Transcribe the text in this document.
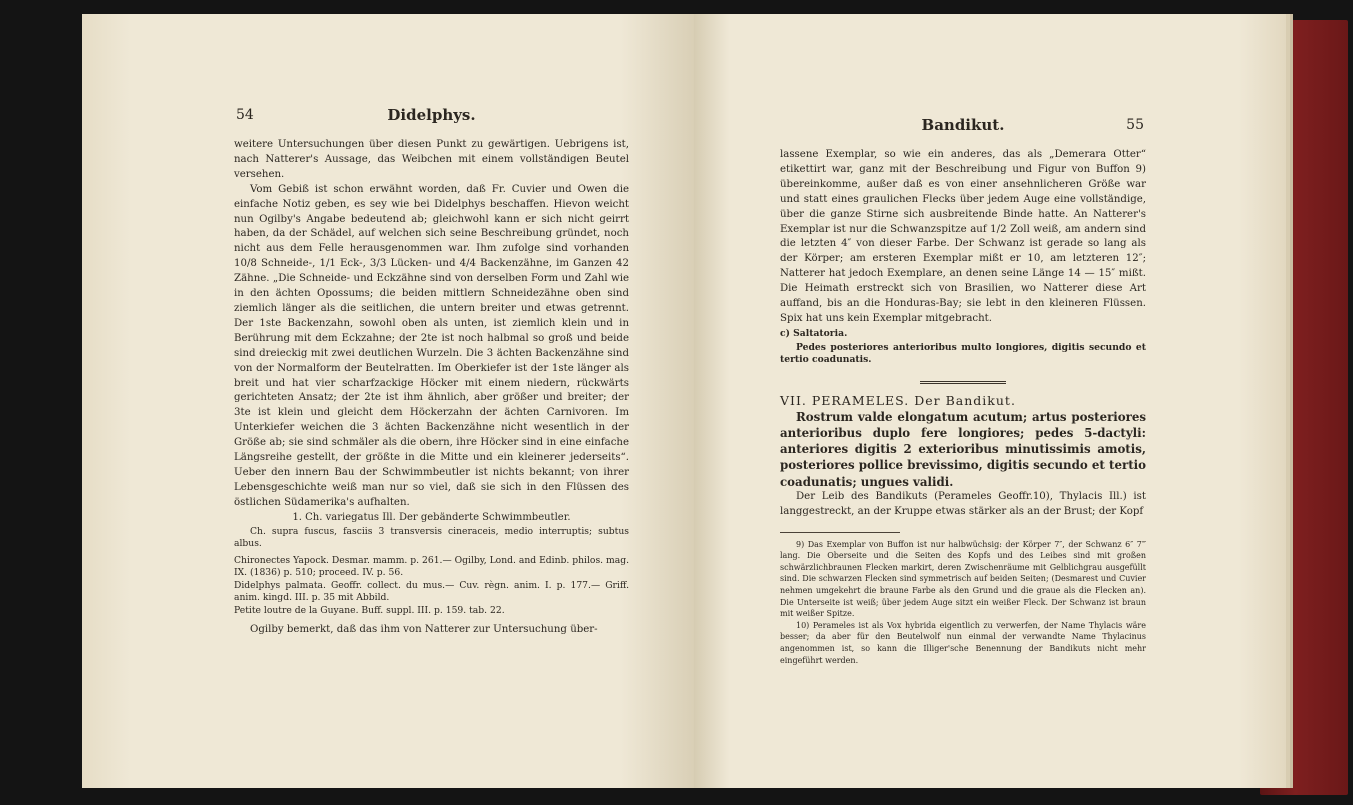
54	Didelphys.

weitere Untersuchungen über diesen Punkt zu gewärtigen. Uebrigens ist, nach Natterer's Aussage, das Weibchen mit einem vollständigen Beutel versehen.

Vom Gebiß ist schon erwähnt worden, daß Fr. Cuvier und Owen die einfache Notiz geben, es sey wie bei Didelphys beschaffen. Hievon weicht nun Ogilby's Angabe bedeutend ab; gleichwohl kann er sich nicht geirrt haben, da der Schädel, auf welchen sich seine Beschreibung gründet, noch nicht aus dem Felle herausgenommen war. Ihm zufolge sind vorhanden 10/8 Schneide-, 1/1 Eck-, 3/3 Lücken- und 4/4 Backenzähne, im Ganzen 42 Zähne. „Die Schneide- und Eckzähne sind von derselben Form und Zahl wie in den ächten Opossums; die beiden mittlern Schneidezähne oben sind ziemlich länger als die seitlichen, die untern breiter und etwas getrennt. Der 1ste Backenzahn, sowohl oben als unten, ist ziemlich klein und in Berührung mit dem Eckzahne; der 2te ist noch halbmal so groß und beide sind dreieckig mit zwei deutlichen Wurzeln. Die 3 ächten Backenzähne sind von der Normalform der Beutelratten. Im Oberkiefer ist der 1ste länger als breit und hat vier scharfzackige Höcker mit einem niedern, rückwärts gerichteten Ansatz; der 2te ist ihm ähnlich, aber größer und breiter; der 3te ist klein und gleicht dem Höckerzahn der ächten Carnivoren. Im Unterkiefer weichen die 3 ächten Backenzähne nicht wesentlich in der Größe ab; sie sind schmäler als die obern, ihre Höcker sind in eine einfache Längsreihe gestellt, der größte in die Mitte und ein kleinerer jederseits“. Ueber den innern Bau der Schwimmbeutler ist nichts bekannt; von ihrer Lebensgeschichte weiß man nur so viel, daß sie sich in den Flüssen des östlichen Südamerika's aufhalten.

1. Ch. variegatus Ill. Der gebänderte Schwimmbeutler.

Ch. supra fuscus, fasciis 3 transversis cineraceis, medio interruptis; subtus albus.

Chironectes Yapock. Desmar. mamm. p. 261.— Ogilby, Lond. and Edinb. philos. mag. IX. (1836) p. 510; proceed. IV. p. 56.

Didelphys palmata. Geoffr. collect. du mus.— Cuv. règn. anim. I. p. 177.— Griff. anim. kingd. III. p. 35 mit Abbild.

Petite loutre de la Guyane. Buff. suppl. III. p. 159. tab. 22.

Ogilby bemerkt, daß das ihm von Natterer zur Untersuchung über-

Bandikut.	55

lassene Exemplar, so wie ein anderes, das als „Demerara Otter“ etikettirt war, ganz mit der Beschreibung und Figur von Buffon 9) übereinkomme, außer daß es von einer ansehnlicheren Größe war und statt eines graulichen Flecks über jedem Auge eine vollständige, über die ganze Stirne sich ausbreitende Binde hatte. An Natterer's Exemplar ist nur die Schwanzspitze auf 1/2 Zoll weiß, am andern sind die letzten 4″ von dieser Farbe. Der Schwanz ist gerade so lang als der Körper; am ersteren Exemplar mißt er 10, am letzteren 12″; Natterer hat jedoch Exemplare, an denen seine Länge 14 — 15″ mißt. Die Heimath erstreckt sich von Brasilien, wo Natterer diese Art auffand, bis an die Honduras-Bay; sie lebt in den kleineren Flüssen. Spix hat uns kein Exemplar mitgebracht.

c) Saltatoria.

Pedes posteriores anterioribus multo longiores, digitis secundo et tertio coadunatis.

VII. PERAMELES. Der Bandikut.

Rostrum valde elongatum acutum; artus posteriores anterioribus duplo fere longiores; pedes 5-dactyli: anteriores digitis 2 exterioribus minutissimis amotis, posteriores pollice brevissimo, digitis secundo et tertio coadunatis; ungues validi.

Der Leib des Bandikuts (Perameles Geoffr.10), Thylacis Ill.) ist langgestreckt, an der Kruppe etwas stärker als an der Brust; der Kopf

9) Das Exemplar von Buffon ist nur halbwüchsig: der Körper 7″, der Schwanz 6″ 7‴ lang. Die Oberseite und die Seiten des Kopfs und des Leibes sind mit großen schwärzlichbraunen Flecken markirt, deren Zwischenräume mit Gelblichgrau ausgefüllt sind. Die schwarzen Flecken sind symmetrisch auf beiden Seiten; (Desmarest und Cuvier nehmen umgekehrt die braune Farbe als den Grund und die graue als die Flecken an). Die Unterseite ist weiß; über jedem Auge sitzt ein weißer Fleck. Der Schwanz ist braun mit weißer Spitze.

10) Perameles ist als Vox hybrida eigentlich zu verwerfen, der Name Thylacis wäre besser; da aber für den Beutelwolf nun einmal der verwandte Name Thylacinus angenommen ist, so kann die Illiger'sche Benennung der Bandikuts nicht mehr eingeführt werden.
